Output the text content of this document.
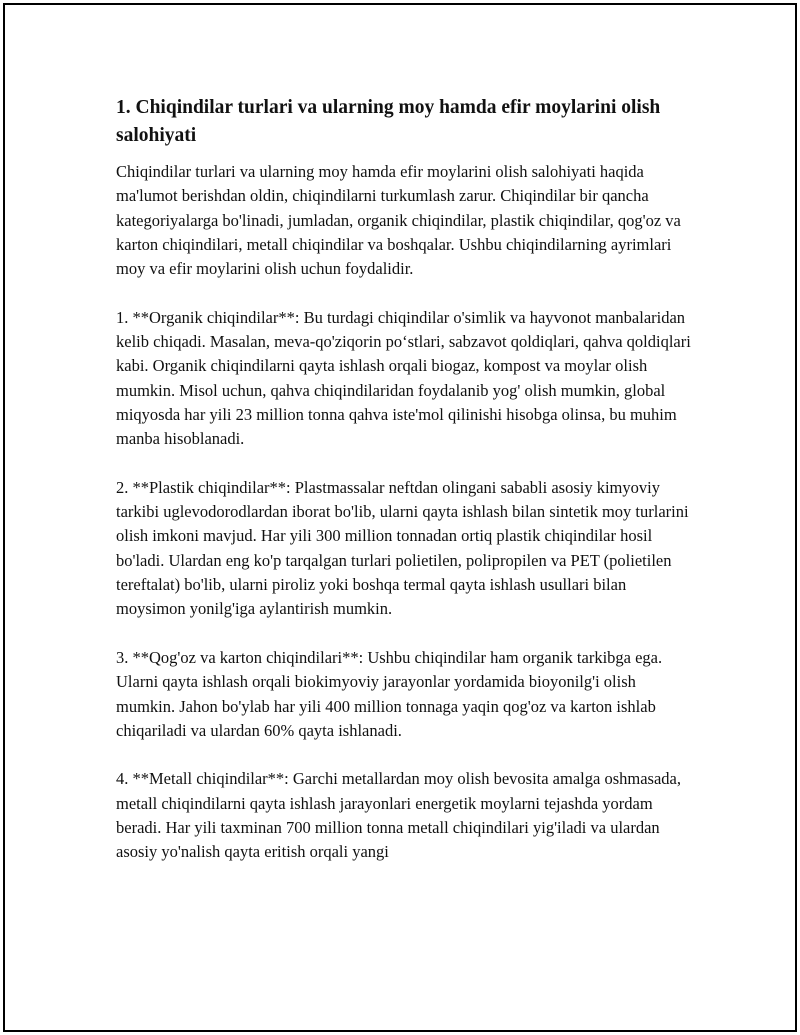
1. Chiqindilar turlari va ularning moy hamda efir moylarini olish salohiyati

Chiqindilar turlari va ularning moy hamda efir moylarini olish salohiyati haqida ma'lumot berishdan oldin, chiqindilarni turkumlash zarur. Chiqindilar bir qancha kategoriyalarga bo'linadi, jumladan, organik chiqindilar, plastik chiqindilar, qog'oz va karton chiqindilari, metall chiqindilar va boshqalar. Ushbu chiqindilarning ayrimlari moy va efir moylarini olish uchun foydalidir.

1. **Organik chiqindilar**: Bu turdagi chiqindilar o'simlik va hayvonot manbalaridan kelib chiqadi. Masalan, meva-qo'ziqorin po‘stlari, sabzavot qoldiqlari, qahva qoldiqlari kabi. Organik chiqindilarni qayta ishlash orqali biogaz, kompost va moylar olish mumkin. Misol uchun, qahva chiqindilaridan foydalanib yog' olish mumkin, global miqyosda har yili 23 million tonna qahva iste'mol qilinishi hisobga olinsa, bu muhim manba hisoblanadi.

2. **Plastik chiqindilar**: Plastmassalar neftdan olingani sababli asosiy kimyoviy tarkibi uglevodorodlardan iborat bo'lib, ularni qayta ishlash bilan sintetik moy turlarini olish imkoni mavjud. Har yili 300 million tonnadan ortiq plastik chiqindilar hosil bo'ladi. Ulardan eng ko'p tarqalgan turlari polietilen, polipropilen va PET (polietilen tereftalat) bo'lib, ularni piroliz yoki boshqa termal qayta ishlash usullari bilan moysimon yonilg'iga aylantirish mumkin.

3. **Qog'oz va karton chiqindilari**: Ushbu chiqindilar ham organik tarkibga ega. Ularni qayta ishlash orqali biokimyoviy jarayonlar yordamida bioyonilg'i olish mumkin. Jahon bo'ylab har yili 400 million tonnaga yaqin qog'oz va karton ishlab chiqariladi va ulardan 60% qayta ishlanadi.

4. **Metall chiqindilar**: Garchi metallardan moy olish bevosita amalga oshmasada, metall chiqindilarni qayta ishlash jarayonlari energetik moylarni tejashda yordam beradi. Har yili taxminan 700 million tonna metall chiqindilari yig'iladi va ulardan asosiy yo'nalish qayta eritish orqali yangi
